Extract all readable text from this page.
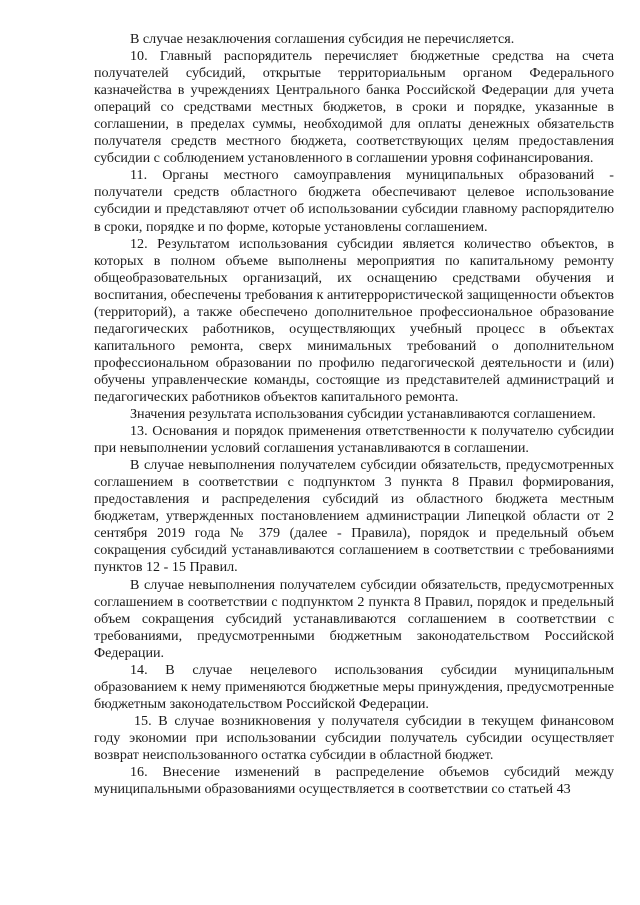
В случае незаключения соглашения субсидия не перечисляется.

10. Главный распорядитель перечисляет бюджетные средства на счета получателей субсидий, открытые территориальным органом Федерального казначейства в учреждениях Центрального банка Российской Федерации для учета операций со средствами местных бюджетов, в сроки и порядке, указанные в соглашении, в пределах суммы, необходимой для оплаты денежных обязательств получателя средств местного бюджета, соответствующих целям предоставления субсидии с соблюдением установленного в соглашении уровня софинансирования.

11. Органы местного самоуправления муниципальных образований - получатели средств областного бюджета обеспечивают целевое использование субсидии и представляют отчет об использовании субсидии главному распорядителю в сроки, порядке и по форме, которые установлены соглашением.

12. Результатом использования субсидии является количество объектов, в которых в полном объеме выполнены мероприятия по капитальному ремонту общеобразовательных организаций, их оснащению средствами обучения и воспитания, обеспечены требования к антитеррористической защищенности объектов (территорий), а также обеспечено дополнительное профессиональное образование педагогических работников, осуществляющих учебный процесс в объектах капитального ремонта, сверх минимальных требований о дополнительном профессиональном образовании по профилю педагогической деятельности и (или) обучены управленческие команды, состоящие из представителей администраций и педагогических работников объектов капитального ремонта.

Значения результата использования субсидии устанавливаются соглашением.

13. Основания и порядок применения ответственности к получателю субсидии при невыполнении условий соглашения устанавливаются в соглашении.

В случае невыполнения получателем субсидии обязательств, предусмотренных соглашением в соответствии с подпунктом 3 пункта 8 Правил формирования, предоставления и распределения субсидий из областного бюджета местным бюджетам, утвержденных постановлением администрации Липецкой области от 2 сентября 2019 года № 379 (далее - Правила), порядок и предельный объем сокращения субсидий устанавливаются соглашением в соответствии с требованиями пунктов 12 - 15 Правил.

В случае невыполнения получателем субсидии обязательств, предусмотренных соглашением в соответствии с подпунктом 2 пункта 8 Правил, порядок и предельный объем сокращения субсидий устанавливаются соглашением в соответствии с требованиями, предусмотренными бюджетным законодательством Российской Федерации.

14. В случае нецелевого использования субсидии муниципальным образованием к нему применяются бюджетные меры принуждения, предусмотренные бюджетным законодательством Российской Федерации.

15. В случае возникновения у получателя субсидии в текущем финансовом году экономии при использовании субсидии получатель субсидии осуществляет возврат неиспользованного остатка субсидии в областной бюджет.

16. Внесение изменений в распределение объемов субсидий между муниципальными образованиями осуществляется в соответствии со статьей 43
